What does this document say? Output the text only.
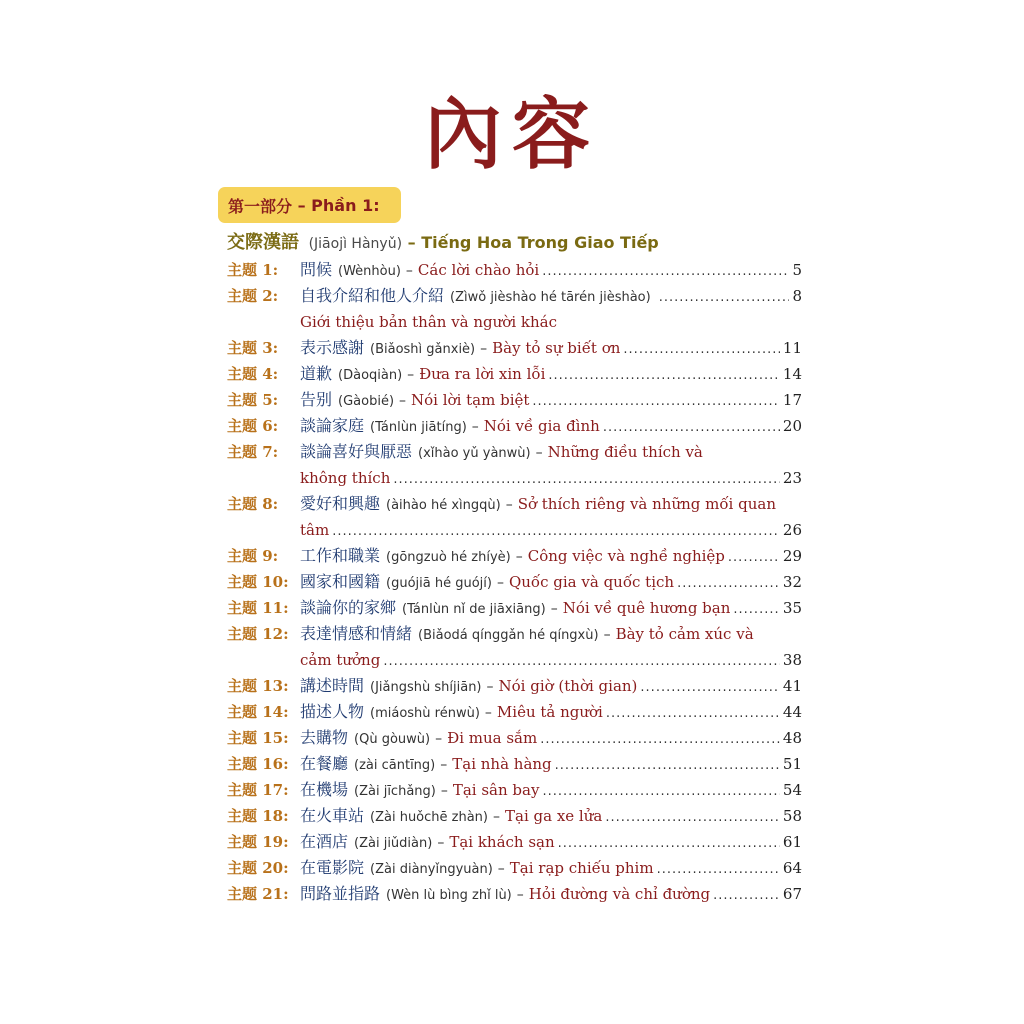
內容
第一部分
–
Phần
1:
交際漢語 (Jiāojì Hànyǔ) – Tiếng Hoa Trong Giao Tiếp
主题 1:	問候 (Wènhòu) – Các lời chào hỏi .....	5
主题 2:	自我介紹和他人介紹 (Zìwǒ jièshào hé tārén jièshào) .....	8
Giới thiệu bản thân và người khác
主题 3:	表示感謝 (Biǎoshì gǎnxiè) – Bày tỏ sự biết ơn .....	11
主题 4:	道歉 (Dàoqiàn) – Đưa ra lời xin lỗi .....	14
主题 5:	告别 (Gàobié) – Nói lời tạm biệt .....	17
主题 6:	談論家庭 (Tánlùn jiātíng) – Nói về gia đình .....	20
主题 7:	談論喜好與厭惡 (xǐhào yǔ yànwù) – Những điều thích và
không thích .....	23
主题 8:	愛好和興趣 (àihào hé xìngqù) – Sở thích riêng và những mối quan
tâm .....	26
主题 9:	工作和職業 (gōngzuò hé zhíyè) – Công việc và nghề nghiệp .....	29
主题 10: 國家和國籍 (guójiā hé guójí) – Quốc gia và quốc tịch .....	32
主题 11: 談論你的家鄉 (Tánlùn nǐ de jiāxiāng) – Nói về quê hương bạn .....	35
主题 12: 表達情感和情緒 (Biǎodá qínggǎn hé qíngxù) – Bày tỏ cảm xúc và
cảm tưởng .....	38
主题 13: 講述時間 (Jiǎngshù shíjiān) – Nói giờ (thời gian) .....	41
主题 14: 描述人物 (miáoshù rénwù) – Miêu tả người .....	44
主题 15: 去購物 (Qù gòuwù) – Đi mua sắm .....	48
主题 16: 在餐廳 (zài cāntīng) – Tại nhà hàng .....	51
主题 17: 在機場 (Zài jīchǎng) – Tại sân bay .....	54
主题 18: 在火車站 (Zài huǒchē zhàn) – Tại ga xe lửa .....	58
主题 19: 在酒店 (Zài jiǔdiàn) – Tại khách sạn .....	61
主题 20: 在電影院 (Zài diànyǐngyuàn) – Tại rạp chiếu phim .....	64
主题 21: 問路並指路 (Wèn lù bìng zhǐ lù) – Hỏi đường và chỉ đường .....	67
